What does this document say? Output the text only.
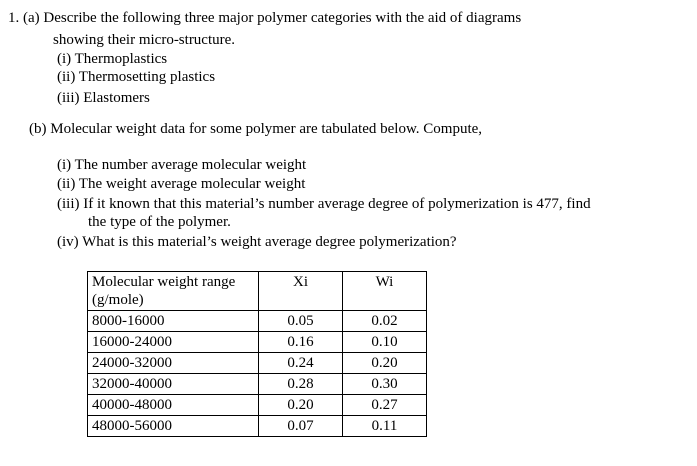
1. (a) Describe the following three major polymer categories with the aid of diagrams
showing their micro-structure.
(i) Thermoplastics
(ii) Thermosetting plastics
(iii) Elastomers
(b) Molecular weight data for some polymer are tabulated below. Compute,
(i) The number average molecular weight
(ii) The weight average molecular weight
(iii) If it known that this material’s number average degree of polymerization is 477, find
the type of the polymer.
(iv) What is this material’s weight average degree polymerization?
Molecular weight range
(g/mole)	Xi	Wi
8000-16000	0.05	0.02
16000-24000	0.16	0.10
24000-32000	0.24	0.20
32000-40000	0.28	0.30
40000-48000	0.20	0.27
48000-56000	0.07	0.11
